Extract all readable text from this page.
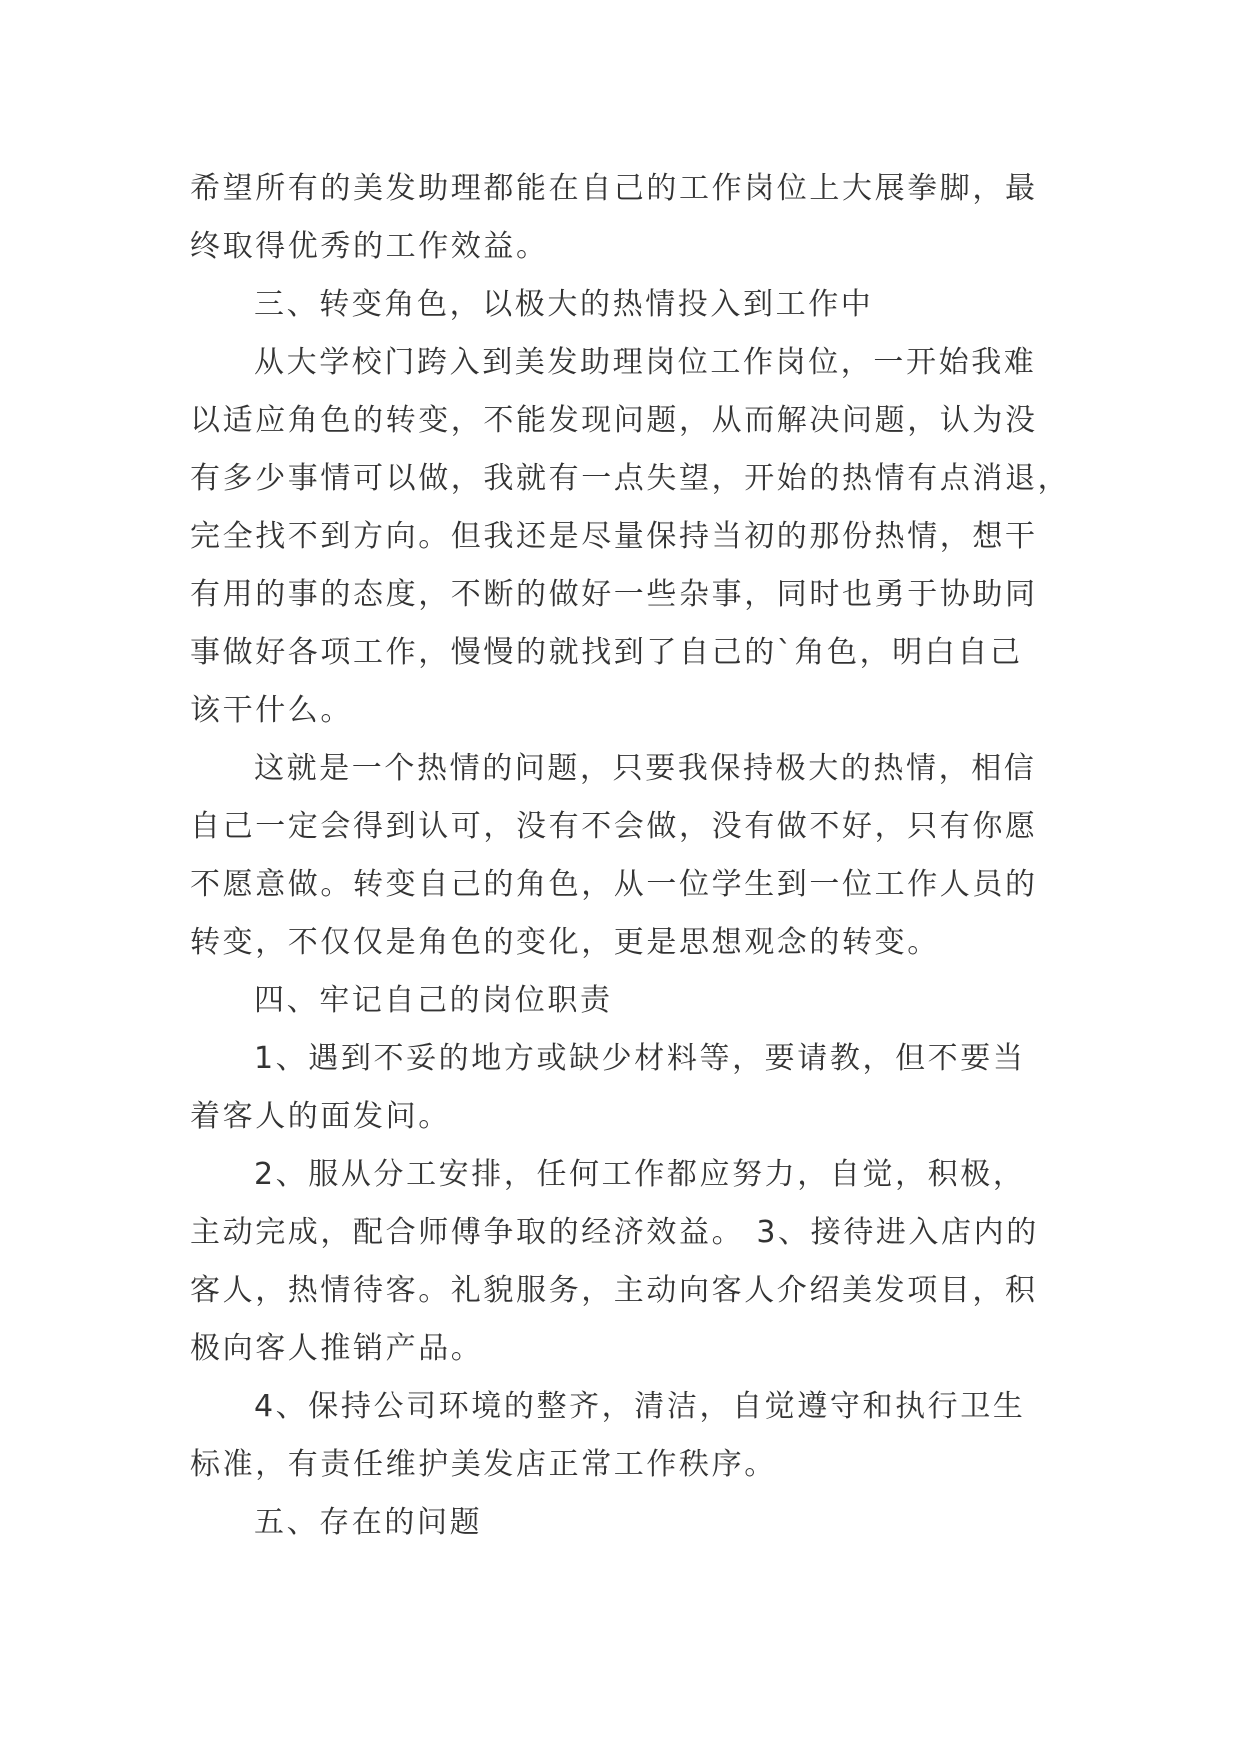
希望所有的美发助理都能在自己的工作岗位上大展拳脚，最
终取得优秀的工作效益。
三、转变角色，以极大的热情投入到工作中
从大学校门跨入到美发助理岗位工作岗位，一开始我难
以适应角色的转变，不能发现问题，从而解决问题，认为没
有多少事情可以做，我就有一点失望，开始的热情有点消退，
完全找不到方向。但我还是尽量保持当初的那份热情，想干
有用的事的态度，不断的做好一些杂事，同时也勇于协助同
事做好各项工作，慢慢的就找到了自己的`角色，明白自己
该干什么。
这就是一个热情的问题，只要我保持极大的热情，相信
自己一定会得到认可，没有不会做，没有做不好，只有你愿
不愿意做。转变自己的角色，从一位学生到一位工作人员的
转变，不仅仅是角色的变化，更是思想观念的转变。
四、牢记自己的岗位职责
1、遇到不妥的地方或缺少材料等，要请教，但不要当
着客人的面发问。
2、服从分工安排，任何工作都应努力，自觉，积极，
主动完成，配合师傅争取的经济效益。 3、接待进入店内的
客人，热情待客。礼貌服务，主动向客人介绍美发项目，积
极向客人推销产品。
4、保持公司环境的整齐，清洁，自觉遵守和执行卫生
标准，有责任维护美发店正常工作秩序。
五、存在的问题
